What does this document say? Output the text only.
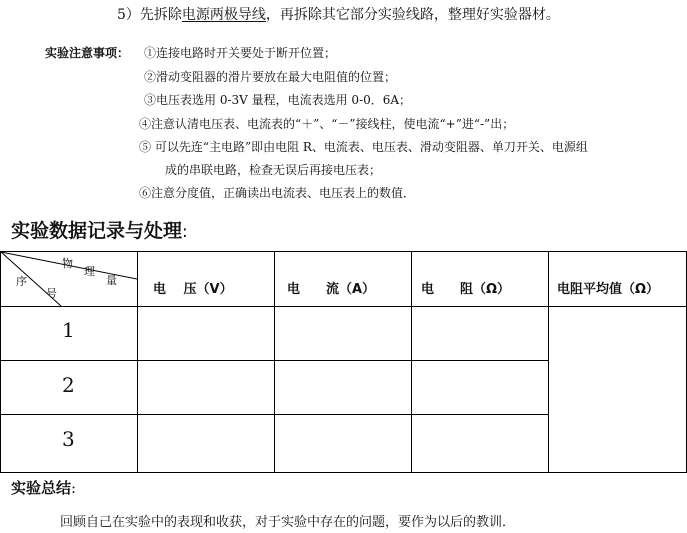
5）先拆除电源两极导线，再拆除其它部分实验线路，整理好实验器材。
实验注意事项： ①连接电路时开关要处于断开位置；
②滑动变阻器的滑片要放在最大电阻值的位置；
③电压表选用 0-3V 量程，电流表选用 0-0．6A；
④注意认清电压表、电流表的“＋”、“－”接线柱，使电流“+”进“-”出；
⑤ 可以先连“主电路”即由电阻 R、电流表、电压表、滑动变阻器、单刀开关、电源组
成的串联电路，检查无误后再接电压表；
⑥注意分度值，正确读出电流表、电压表上的数值．
实验数据记录与处理:
物
理
量
序
号	电　 压（V）	电　　流（A）	电　　阻（Ω）	电阻平均值（Ω）
1
2
3
实验总结:
回顾自己在实验中的表现和收获，对于实验中存在的问题，要作为以后的教训．
